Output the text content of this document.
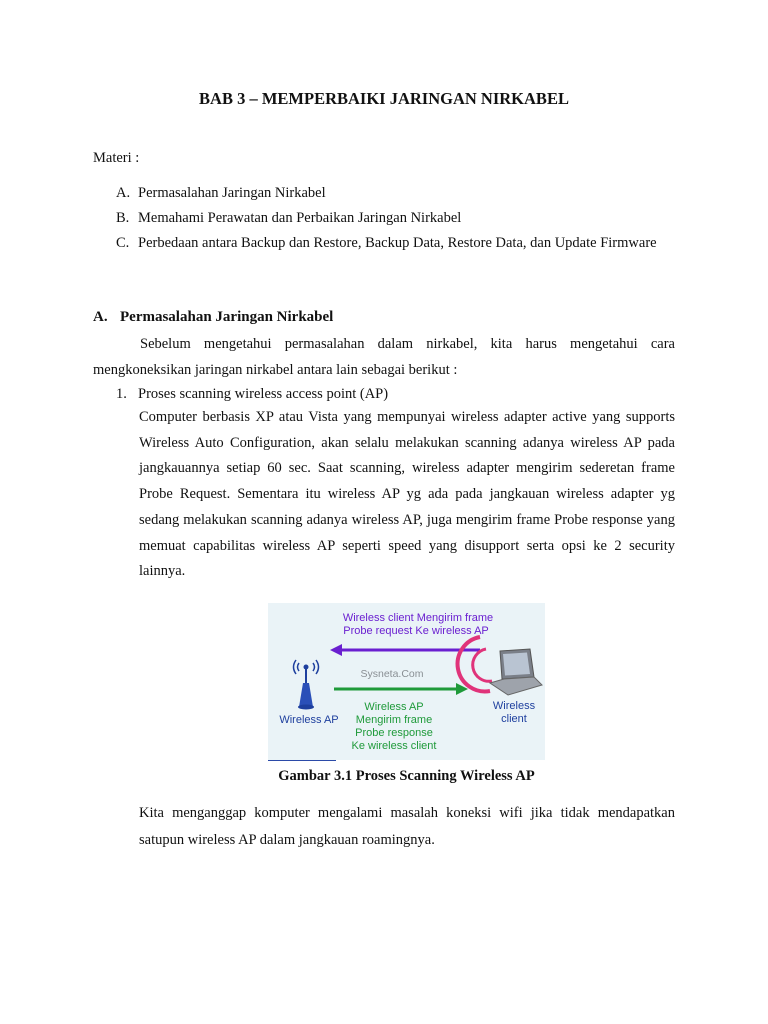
BAB 3 – MEMPERBAIKI JARINGAN NIRKABEL
Materi :
A. Permasalahan Jaringan Nirkabel
B. Memahami Perawatan dan Perbaikan Jaringan Nirkabel
C. Perbedaan antara Backup dan Restore, Backup Data, Restore Data, dan Update Firmware
A. Permasalahan Jaringan Nirkabel

Sebelum mengetahui permasalahan dalam nirkabel, kita harus mengetahui cara mengkoneksikan jaringan nirkabel antara lain sebagai berikut :

1. Proses scanning wireless access point (AP)

Computer berbasis XP atau Vista yang mempunyai wireless adapter active yang supports Wireless Auto Configuration, akan selalu melakukan scanning adanya wireless AP pada jangkauannya setiap 60 sec. Saat scanning, wireless adapter mengirim sederetan frame Probe Request. Sementara itu wireless AP yg ada pada jangkauan wireless adapter yg sedang melakukan scanning adanya wireless AP, juga mengirim frame Probe response yang memuat capabilitas wireless AP seperti speed yang disupport serta opsi ke 2 security lainnya.

Wireless client Mengirim frame
Probe request Ke wireless AP
Sysneta.Com
Wireless AP
Wireless
client
Wireless AP
Mengirim frame
Probe response
Ke wireless client
Gambar 3.1 Proses Scanning Wireless AP

Kita menganggap komputer mengalami masalah koneksi wifi jika tidak mendapatkan satupun wireless AP dalam jangkauan roamingnya.
